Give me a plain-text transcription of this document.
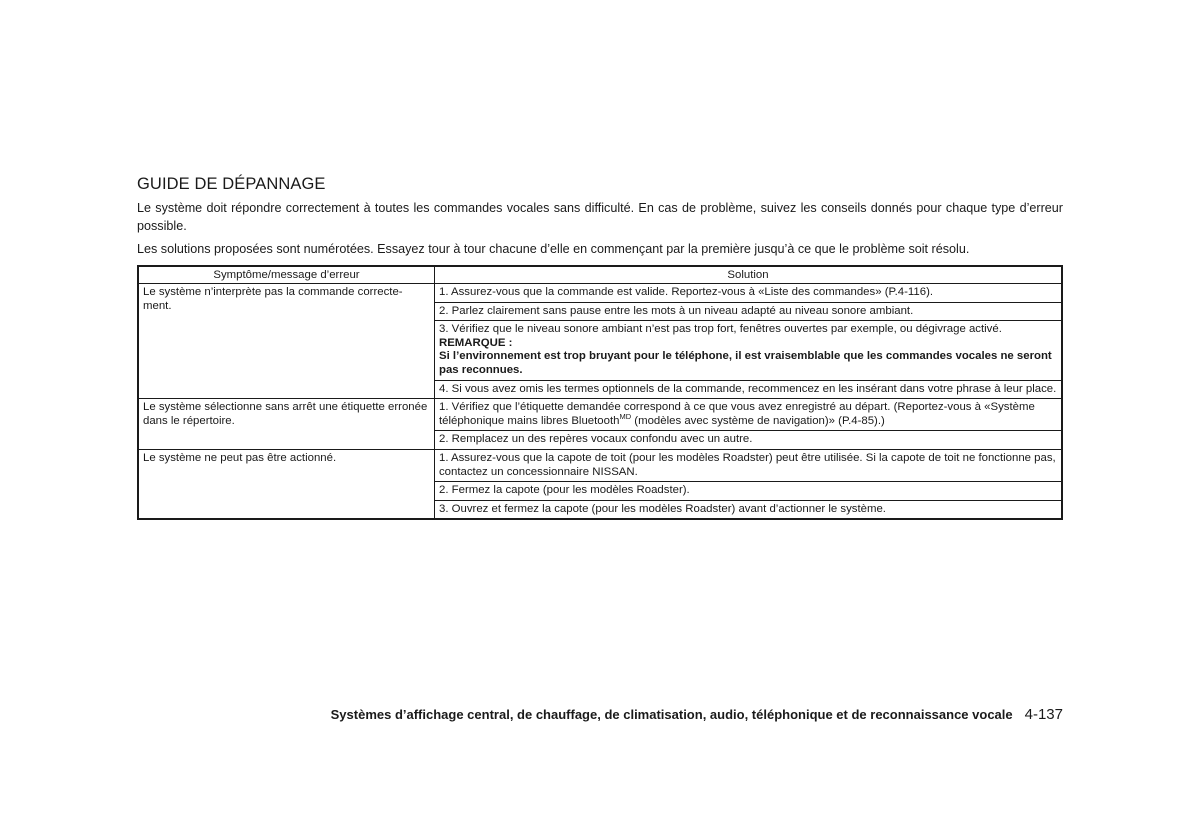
GUIDE DE DÉPANNAGE

Le système doit répondre correctement à toutes les commandes vocales sans difficulté. En cas de problème, suivez les conseils donnés pour chaque type d’erreur possible.

Les solutions proposées sont numérotées. Essayez tour à tour chacune d’elle en commençant par la première jusqu’à ce que le problème soit résolu.

Symptôme/message d’erreur	Solution
Le système n’interprète pas la commande correcte-ment.	1. Assurez-vous que la commande est valide. Reportez-vous à «Liste des commandes» (P.4-116).
	2. Parlez clairement sans pause entre les mots à un niveau adapté au niveau sonore ambiant.
	3. Vérifiez que le niveau sonore ambiant n’est pas trop fort, fenêtres ouvertes par exemple, ou dégivrage activé.
REMARQUE :
Si l’environnement est trop bruyant pour le téléphone, il est vraisemblable que les commandes vocales ne seront pas reconnues.

	4. Si vous avez omis les termes optionnels de la commande, recommencez en les insérant dans votre phrase à leur place.
Le système sélectionne sans arrêt une étiquette erronée dans le répertoire.	1. Vérifiez que l’étiquette demandée correspond à ce que vous avez enregistré au départ. (Reportez-vous à «Système téléphonique mains libres Bluetooth$^{MD}$ (modèles avec système de navigation)» (P.4-85).)
	2. Remplacez un des repères vocaux confondu avec un autre.
Le système ne peut pas être actionné.	1. Assurez-vous que la capote de toit (pour les modèles Roadster) peut être utilisée. Si la capote de toit ne fonctionne pas, contactez un concessionnaire NISSAN.
	2. Fermez la capote (pour les modèles Roadster).
	3. Ouvrez et fermez la capote (pour les modèles Roadster) avant d’actionner le système.
Systèmes d’affichage central, de chauffage, de climatisation, audio, téléphonique et de reconnaissance vocale 4-137
